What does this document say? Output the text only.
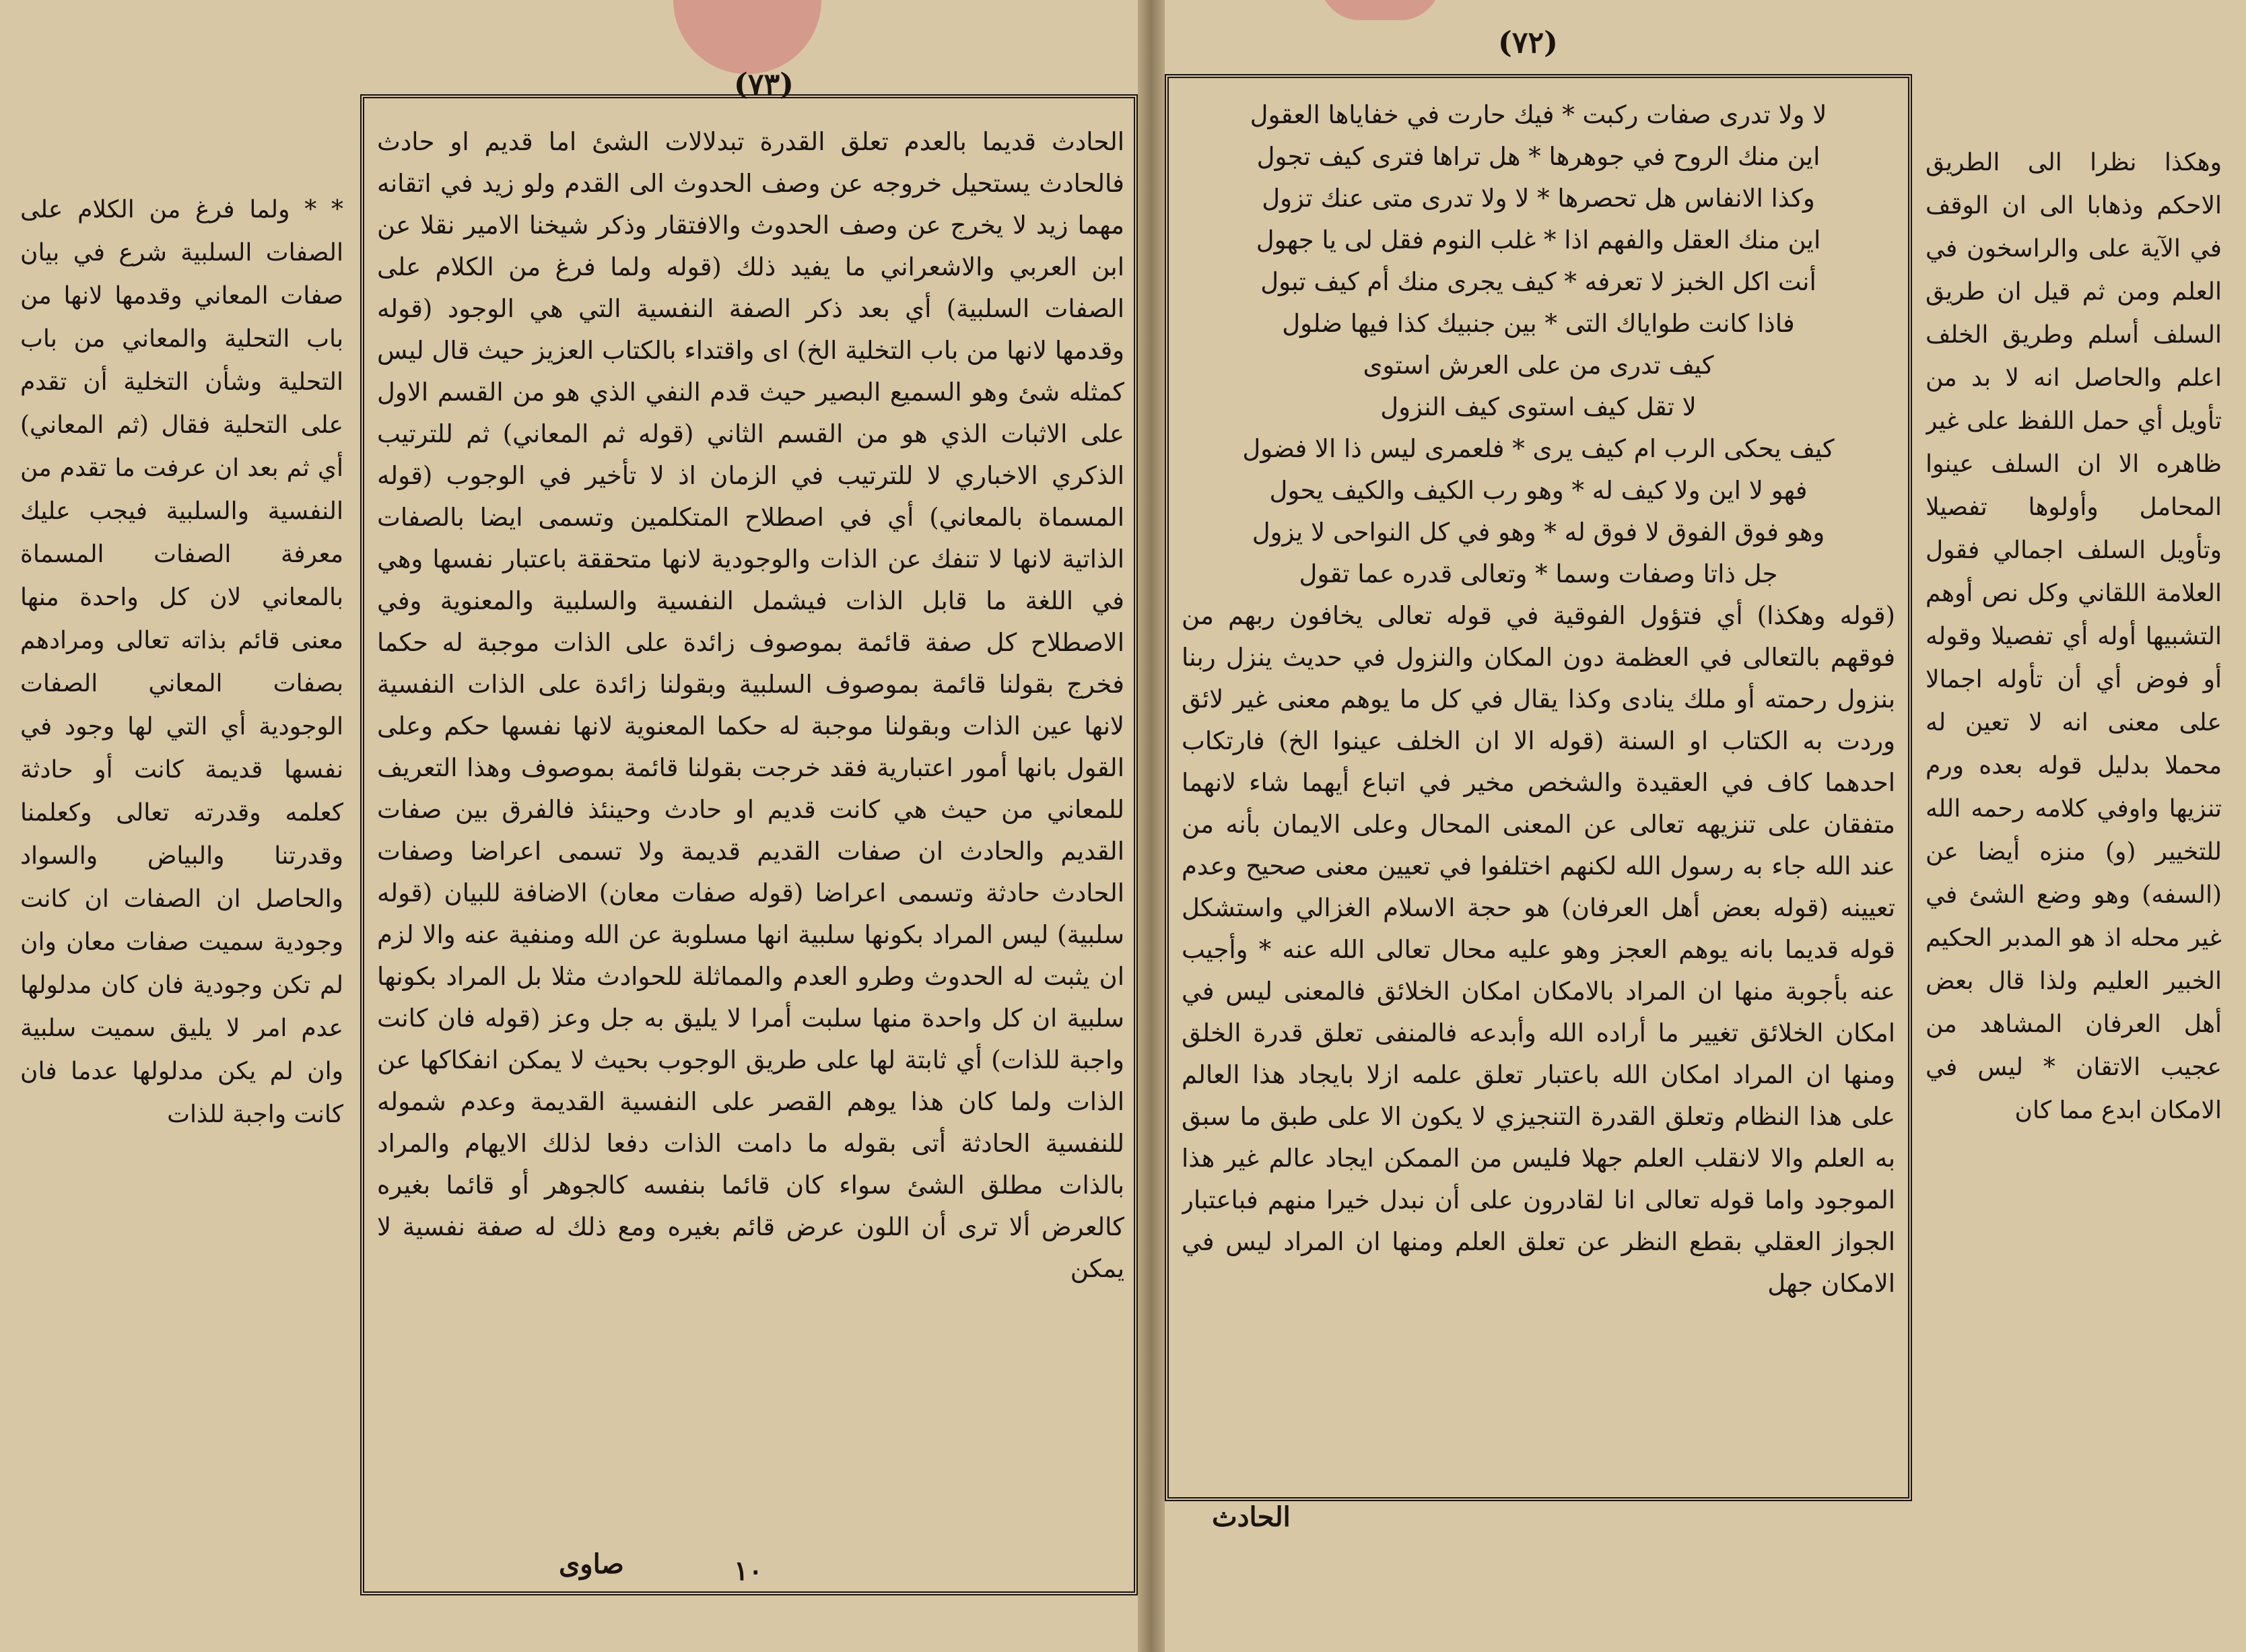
(٧٣)
* * ولما فرغ من الكلام على الصفات السلبية شرع في بيان صفات المعاني وقدمها لانها من باب التحلية والمعاني من باب التحلية وشأن التخلية أن تقدم على التحلية فقال (ثم المعاني) أي ثم بعد ان عرفت ما تقدم من النفسية والسلبية فيجب عليك معرفة الصفات المسماة بالمعاني لان كل واحدة منها معنى قائم بذاته تعالى ومرادهم بصفات المعاني الصفات الوجودية أي التي لها وجود في نفسها قديمة كانت أو حادثة كعلمه وقدرته تعالى وكعلمنا وقدرتنا والبياض والسواد والحاصل ان الصفات ان كانت وجودية سميت صفات معان وان لم تكن وجودية فان كان مدلولها عدم امر لا يليق سميت سلبية وان لم يكن مدلولها عدما فان كانت واجبة للذات
الحادث قديما بالعدم تعلق القدرة تبدلالات الشئ اما قديم او حادث فالحادث يستحيل خروجه عن وصف الحدوث الى القدم ولو زيد في اتقانه مهما زيد لا يخرج عن وصف الحدوث والافتقار وذكر شيخنا الامير نقلا عن ابن العربي والاشعراني ما يفيد ذلك (قوله ولما فرغ من الكلام على الصفات السلبية) أي بعد ذكر الصفة النفسية التي هي الوجود (قوله وقدمها لانها من باب التخلية الخ) اى واقتداء بالكتاب العزيز حيث قال ليس كمثله شئ وهو السميع البصير حيث قدم النفي الذي هو من القسم الاول على الاثبات الذي هو من القسم الثاني (قوله ثم المعاني) ثم للترتيب الذكري الاخباري لا للترتيب في الزمان اذ لا تأخير في الوجوب (قوله المسماة بالمعاني) أي في اصطلاح المتكلمين وتسمى ايضا بالصفات الذاتية لانها لا تنفك عن الذات والوجودية لانها متحققة باعتبار نفسها وهي في اللغة ما قابل الذات فيشمل النفسية والسلبية والمعنوية وفي الاصطلاح كل صفة قائمة بموصوف زائدة على الذات موجبة له حكما فخرج بقولنا قائمة بموصوف السلبية وبقولنا زائدة على الذات النفسية لانها عين الذات وبقولنا موجبة له حكما المعنوية لانها نفسها حكم وعلى القول بانها أمور اعتبارية فقد خرجت بقولنا قائمة بموصوف وهذا التعريف للمعاني من حيث هي كانت قديم او حادث وحينئذ فالفرق بين صفات القديم والحادث ان صفات القديم قديمة ولا تسمى اعراضا وصفات الحادث حادثة وتسمى اعراضا (قوله صفات معان) الاضافة للبيان (قوله سلبية) ليس المراد بكونها سلبية انها مسلوبة عن الله ومنفية عنه والا لزم ان يثبت له الحدوث وطرو العدم والمماثلة للحوادث مثلا بل المراد بكونها سلبية ان كل واحدة منها سلبت أمرا لا يليق به جل وعز (قوله فان كانت واجبة للذات) أي ثابتة لها على طريق الوجوب بحيث لا يمكن انفكاكها عن الذات ولما كان هذا يوهم القصر على النفسية القديمة وعدم شموله للنفسية الحادثة أتى بقوله ما دامت الذات دفعا لذلك الايهام والمراد بالذات مطلق الشئ سواء كان قائما بنفسه كالجوهر أو قائما بغيره كالعرض ألا ترى أن اللون عرض قائم بغيره ومع ذلك له صفة نفسية لا يمكن
١٠
صاوى
(٧٢)
وهكذا نظرا الى الطريق الاحكم وذهابا الى ان الوقف في الآية على والراسخون في العلم ومن ثم قيل ان طريق السلف أسلم وطريق الخلف اعلم والحاصل انه لا بد من تأويل أي حمل اللفظ على غير ظاهره الا ان السلف عينوا المحامل وأولوها تفصيلا وتأويل السلف اجمالي فقول العلامة اللقاني وكل نص أوهم التشبيها أوله أي تفصيلا وقوله أو فوض أي أن تأوله اجمالا على معنى انه لا تعين له محملا بدليل قوله بعده ورم تنزيها واوفي كلامه رحمه الله للتخيير (و) منزه أيضا عن (السفه) وهو وضع الشئ في غير محله اذ هو المدبر الحكيم الخبير العليم ولذا قال بعض أهل العرفان المشاهد من عجيب الاتقان * ليس في الامكان ابدع مما كان
لا ولا تدرى صفات ركبت * فيك حارت في خفاياها العقول
اين منك الروح في جوهرها * هل تراها فترى كيف تجول
وكذا الانفاس هل تحصرها * لا ولا تدرى متى عنك تزول
اين منك العقل والفهم اذا * غلب النوم فقل لى يا جهول
أنت اكل الخبز لا تعرفه * كيف يجرى منك أم كيف تبول
فاذا كانت طواياك التى * بين جنبيك كذا فيها ضلول
كيف تدرى من على العرش استوى
لا تقل كيف استوى كيف النزول
كيف يحكى الرب ام كيف يرى * فلعمرى ليس ذا الا فضول
فهو لا اين ولا كيف له * وهو رب الكيف والكيف يحول
وهو فوق الفوق لا فوق له * وهو في كل النواحى لا يزول
جل ذاتا وصفات وسما * وتعالى قدره عما تقول
(قوله وهكذا) أي فتؤول الفوقية في قوله تعالى يخافون ربهم من فوقهم بالتعالى في العظمة دون المكان والنزول في حديث ينزل ربنا بنزول رحمته أو ملك ينادى وكذا يقال في كل ما يوهم معنى غير لائق وردت به الكتاب او السنة (قوله الا ان الخلف عينوا الخ) فارتكاب احدهما كاف في العقيدة والشخص مخير في اتباع أيهما شاء لانهما متفقان على تنزيهه تعالى عن المعنى المحال وعلى الايمان بأنه من عند الله جاء به رسول الله لكنهم اختلفوا في تعيين معنى صحيح وعدم تعيينه (قوله بعض أهل العرفان) هو حجة الاسلام الغزالي واستشكل قوله قديما بانه يوهم العجز وهو عليه محال تعالى الله عنه * وأجيب عنه بأجوبة منها ان المراد بالامكان امكان الخلائق فالمعنى ليس في امكان الخلائق تغيير ما أراده الله وأبدعه فالمنفى تعلق قدرة الخلق ومنها ان المراد امكان الله باعتبار تعلق علمه ازلا بايجاد هذا العالم على هذا النظام وتعلق القدرة التنجيزي لا يكون الا على طبق ما سبق به العلم والا لانقلب العلم جهلا فليس من الممكن ايجاد عالم غير هذا الموجود واما قوله تعالى انا لقادرون على أن نبدل خيرا منهم فباعتبار الجواز العقلي بقطع النظر عن تعلق العلم ومنها ان المراد ليس في الامكان جهل
الحادث
